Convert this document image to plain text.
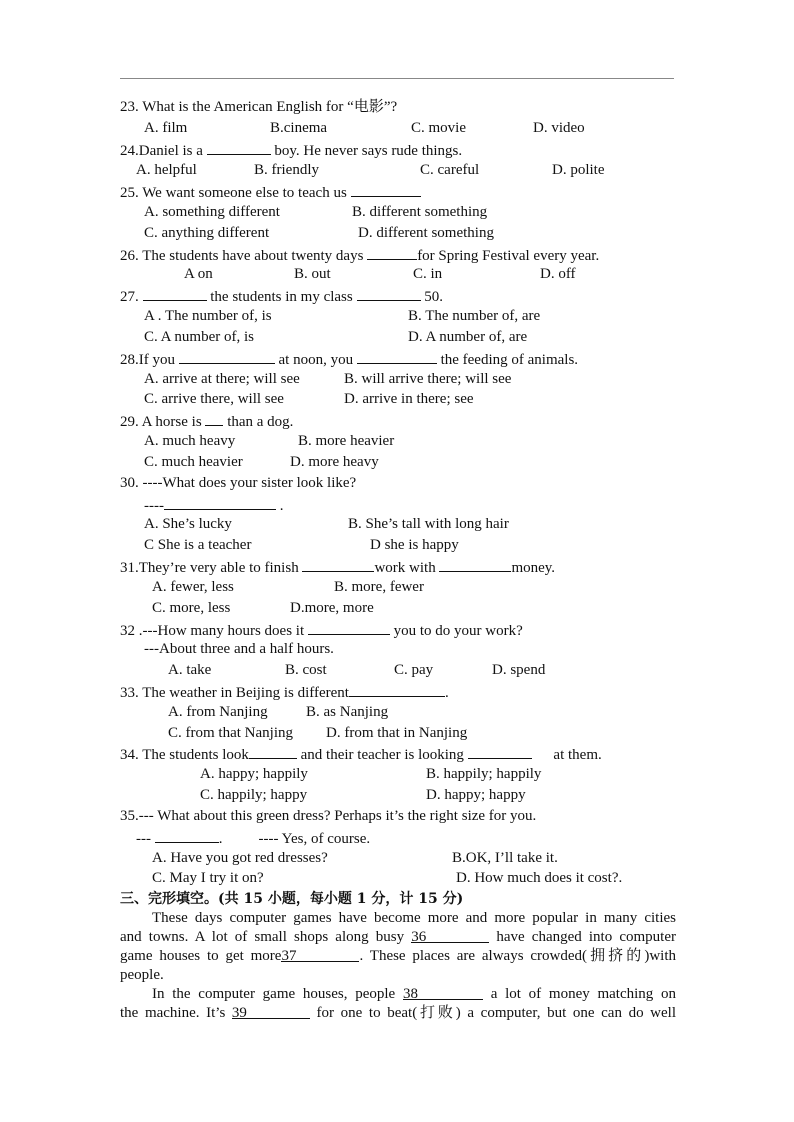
23. What is the American English for “电影”?
A. film	B.cinema	C. movie	D. video
24.Daniel is a	boy. He never says rude things.
A. helpful	B. friendly	C. careful	D. polite
25. We want someone else to teach us
A. something different	B. different something
C. anything different	D. different something
26. The students have about twenty days	for Spring Festival every year.
A on	B. out	C. in	D. off
27.	the students in my class	50.
A . The number of, is	B. The number of, are
C. A number of, is	D. A number of, are
28.If you	at noon, you	the feeding of animals.
A. arrive at there; will see	B. will arrive there; will see
C. arrive there, will see	D. arrive in there; see
29. A horse is  than a dog.
A. much heavy	B. more heavier
C. much heavier	D. more heavy
30. ----What does your sister look like?
----	.
A. She’s lucky	B. She’s tall with long hair
C She is a teacher	D she is happy
31.They’re very able to finish	work with	money.
A. fewer, less	B. more, fewer
C. more, less	D.more, more
32 .---How many hours does it	you to do your work?
---About three and a half hours.
A. take	B. cost	C. pay	D. spend
33. The weather in Beijing is different	.
A. from Nanjing	B. as Nanjing
C. from that Nanjing D. from that in Nanjing
34. The students look	and their teacher is looking	at them.
A. happy; happily	B. happily; happily
C. happily; happy	D. happy; happy
35.--- What about this green dress? Perhaps it’s the right size for you.
---	. ---- Yes, of course.
A. Have you got red dresses?	B.OK, I’ll take it.
C. May I try it on?	D. How much does it cost?.
三、完形填空。(共 15 小题，每小题 1 分，计 15 分)
These days computer games have become more and more popular in many cities
and towns. A lot of small shops along busy 36	have changed into computer
game houses to get more37	. These places are always crowded(拥挤的)with
people.
In the computer game houses, people 38	a lot of money matching on
the machine. It’s 39	for one to beat(打败) a computer, but one can do well
